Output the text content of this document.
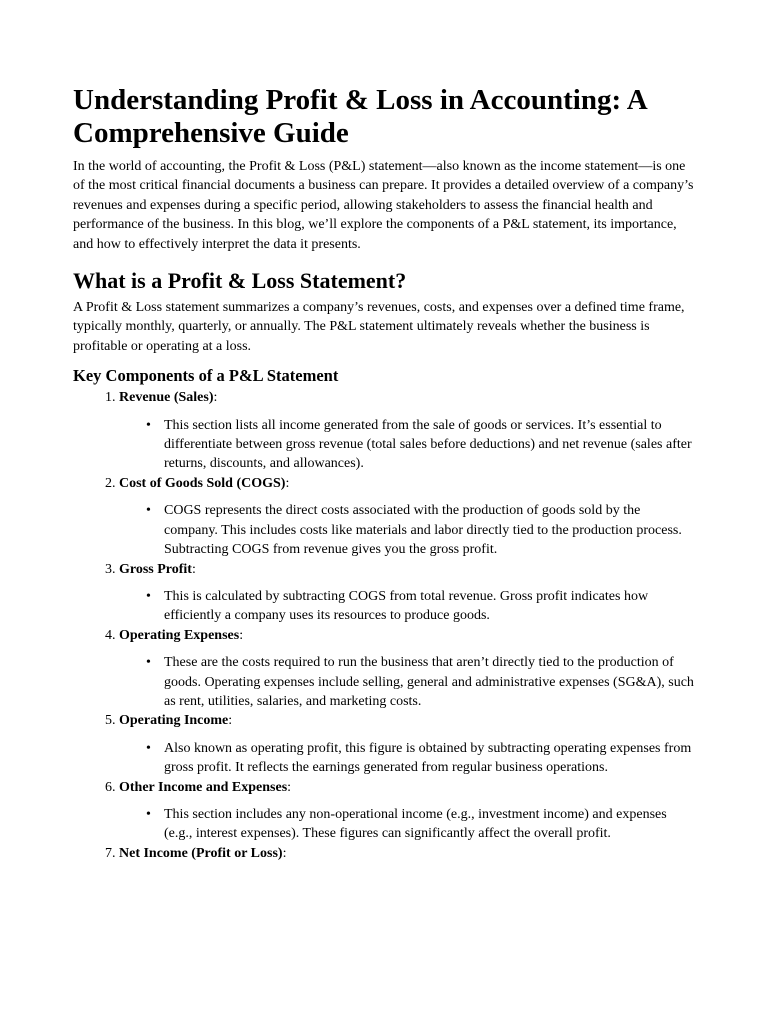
Understanding Profit & Loss in Accounting: A Comprehensive Guide

In the world of accounting, the Profit & Loss (P&L) statement—also known as the income statement—is one of the most critical financial documents a business can prepare. It provides a detailed overview of a company’s revenues and expenses during a specific period, allowing stakeholders to assess the financial health and performance of the business. In this blog, we’ll explore the components of a P&L statement, its importance, and how to effectively interpret the data it presents.

What is a Profit & Loss Statement?

A Profit & Loss statement summarizes a company’s revenues, costs, and expenses over a defined time frame, typically monthly, quarterly, or annually. The P&L statement ultimately reveals whether the business is profitable or operating at a loss.

Key Components of a P&L Statement
1. Revenue (Sales):
• This section lists all income generated from the sale of goods or services. It’s essential to differentiate between gross revenue (total sales before deductions) and net revenue (sales after returns, discounts, and allowances).
2. Cost of Goods Sold (COGS):
• COGS represents the direct costs associated with the production of goods sold by the company. This includes costs like materials and labor directly tied to the production process. Subtracting COGS from revenue gives you the gross profit.
3. Gross Profit:
• This is calculated by subtracting COGS from total revenue. Gross profit indicates how efficiently a company uses its resources to produce goods.
4. Operating Expenses:
• These are the costs required to run the business that aren’t directly tied to the production of goods. Operating expenses include selling, general and administrative expenses (SG&A), such as rent, utilities, salaries, and marketing costs.
5. Operating Income:
• Also known as operating profit, this figure is obtained by subtracting operating expenses from gross profit. It reflects the earnings generated from regular business operations.
6. Other Income and Expenses:
• This section includes any non-operational income (e.g., investment income) and expenses (e.g., interest expenses). These figures can significantly affect the overall profit.
7. Net Income (Profit or Loss):
